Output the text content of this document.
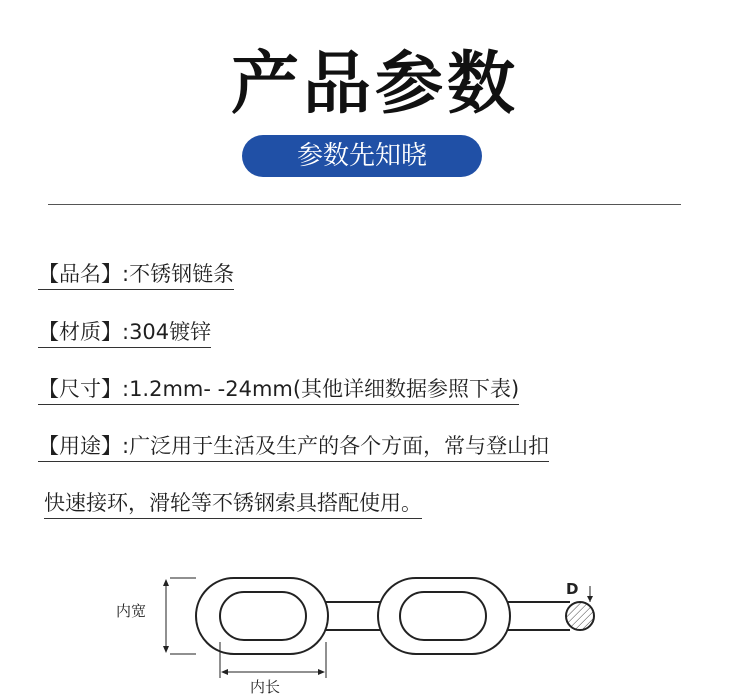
产品参数
参数先知晓
【品名】:不锈钢链条
【材质】:304镀锌
【尺寸】:1.2mm- -24mm(其他详细数据参照下表)
【用途】:广泛用于生活及生产的各个方面，常与登山扣
快速接环，滑轮等不锈钢索具搭配使用。
D
内宽
内长
